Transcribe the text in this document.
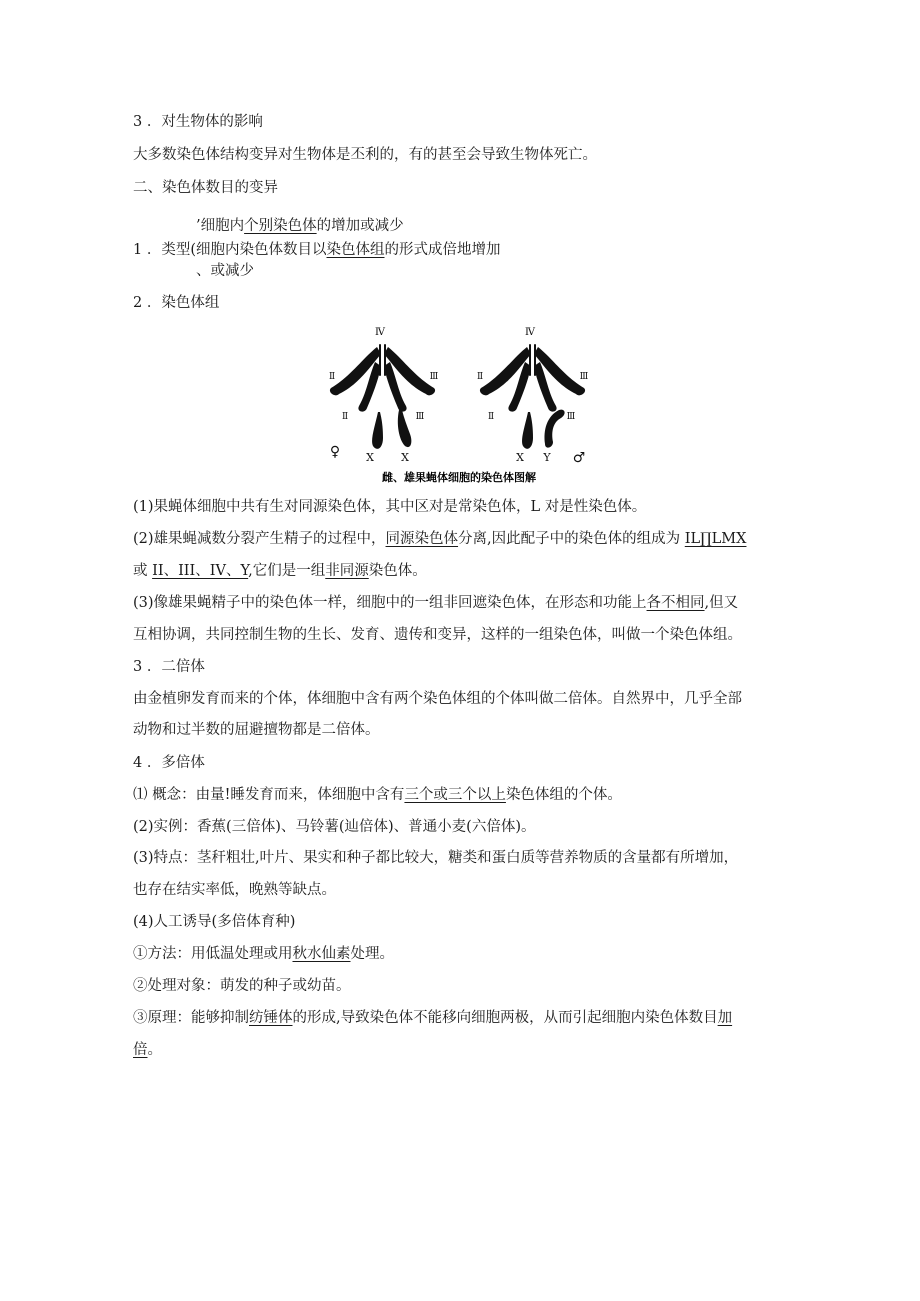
3 ．对生物体的影响
大多数染色体结构变异对生物体是丕利的，有的甚至会导致生物体死亡。
二、染色体数目的变异
’细胞内个别染色体的增加或减少
1 ．类型(细胞内染色体数目以染色体组的形式成倍地增加
、或减少
2 ．染色体组
Ⅳ
Ⅱ	Ⅲ
Ⅱ	Ⅲ
X X
♀
Ⅳ
Ⅱ	Ⅲ
Ⅱ	Ⅲ
X Y ♂
雌、雄果蝇体细胞的染色体图解
(1)果蝇体细胞中共有生对同源染色体，其中区对是常染色体，L 对是性染色体。
(2)雄果蝇减数分裂产生精子的过程中，同源染色体分离,因此配子中的染色体的组成为 IL∏LMX
或 II、III、IV、Y,它们是一组非同源染色体。
(3)像雄果蝇精子中的染色体一样，细胞中的一组非回遮染色体，在形态和功能上各不相同,但又
互相协调，共同控制生物的生长、发育、遗传和变异，这样的一组染色体，叫做一个染色体组。
3 ．二倍体
由金植卵发育而来的个体，体细胞中含有两个染色体组的个体叫做二倍体。自然界中，几乎全部
动物和过半数的屈避擅物都是二倍体。
4 ．多倍体
⑴ 概念：由量!睡发育而来，体细胞中含有三个或三个以上染色体组的个体。
(2)实例：香蕉(三倍体)、马铃薯(辿倍体)、普通小麦(六倍体)。
(3)特点：茎秆粗壮,叶片、果实和种子都比较大，糖类和蛋白质等营养物质的含量都有所增加，
也存在结实率低，晚熟等缺点。
(4)人工诱导(多倍体育种)
①方法：用低温处理或用秋水仙素处理。
②处理对象：萌发的种子或幼苗。
③原理：能够抑制纺锤体的形成,导致染色体不能移向细胞两极，从而引起细胞内染色体数目加
倍。
